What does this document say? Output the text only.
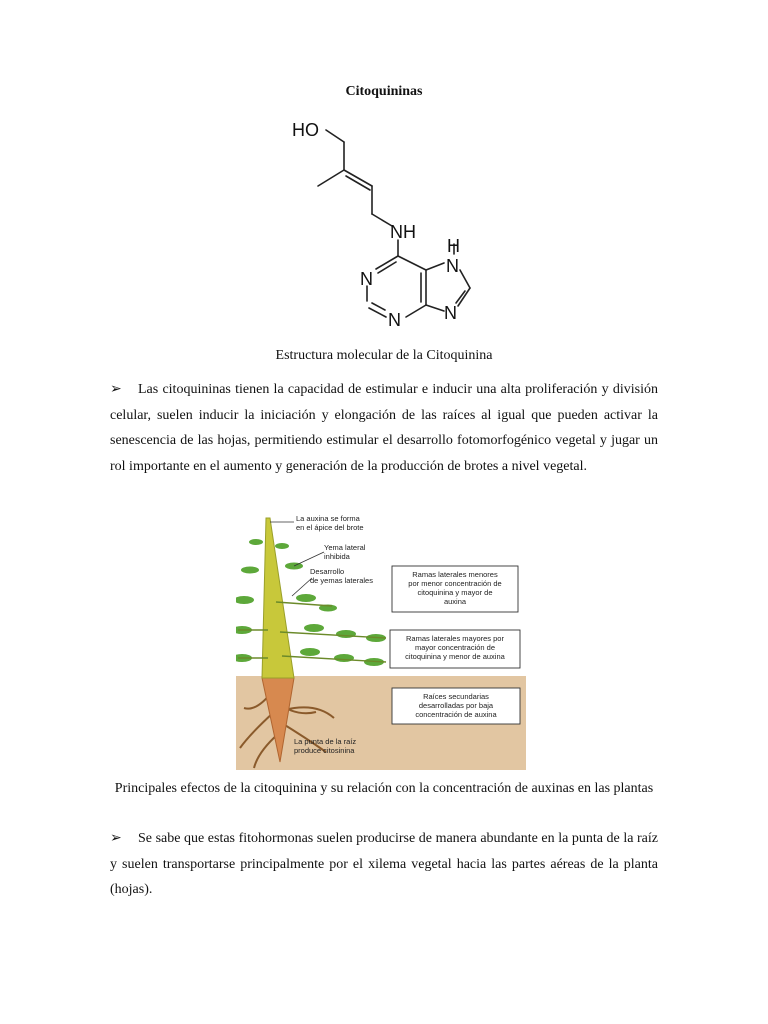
Citoquininas
HO
NH
H
N
N
N
N
Estructura molecular de la Citoquinina
➢ Las citoquininas tienen la capacidad de estimular e inducir una alta proliferación y división celular, suelen inducir la iniciación y elongación de las raíces al igual que pueden activar la senescencia de las hojas, permitiendo estimular el desarrollo fotomorfogénico vegetal y jugar un rol importante en el aumento y generación de la producción de brotes a nivel vegetal.
La auxina se forma
en el ápice del brote
Yema lateral
inhibida
Desarrollo
de yemas laterales
La punta de la raíz
produce citosinina
Ramas laterales menores
por menor concentración de
citoquinina y mayor de
auxina
Ramas laterales mayores por
mayor concentración de
citoquinina y menor de auxina
Raíces secundarias
desarrolladas por baja
concentración de auxina
Principales efectos de la citoquinina y su relación con la concentración de auxinas en las plantas
➢ Se sabe que estas fitohormonas suelen producirse de manera abundante en la punta de la raíz y suelen transportarse principalmente por el xilema vegetal hacia las partes aéreas de la planta (hojas).
